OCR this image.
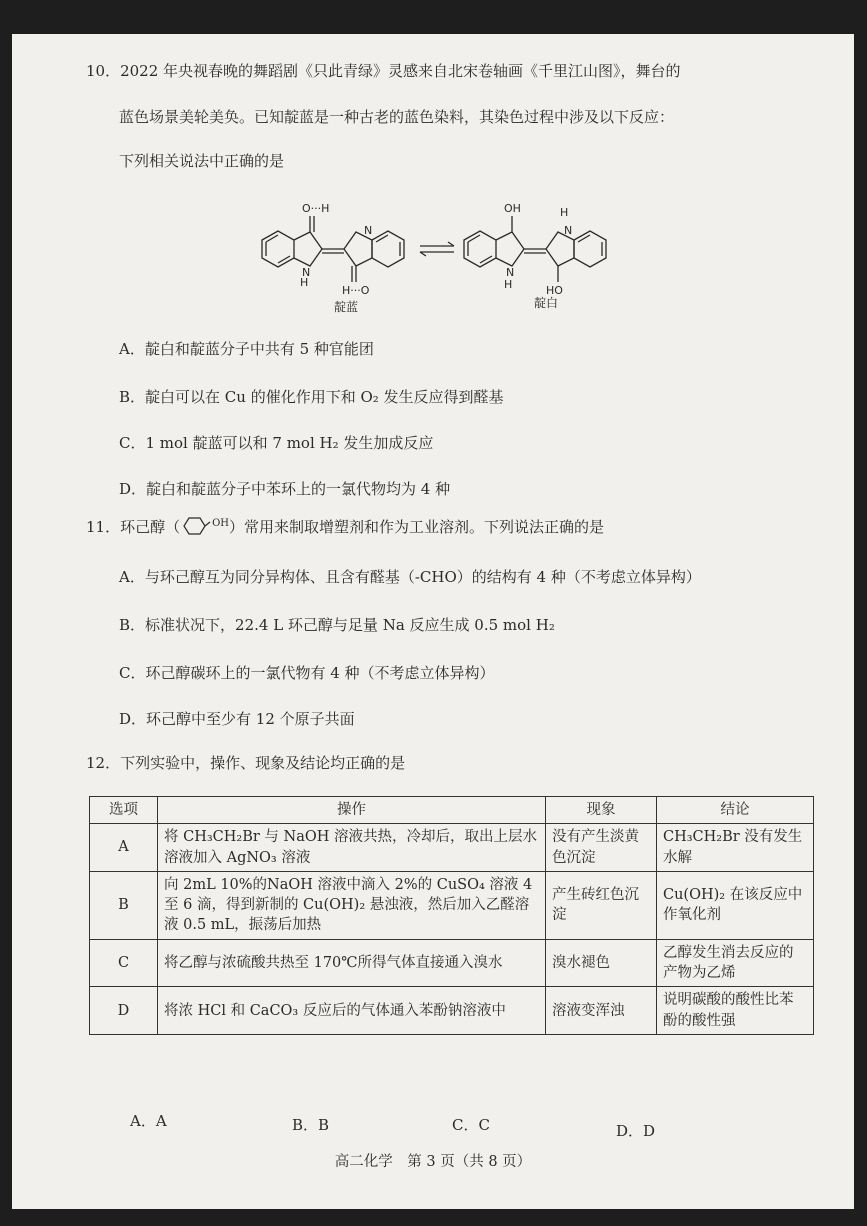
10．2022 年央视春晚的舞蹈剧《只此青绿》灵感来自北宋卷轴画《千里江山图》，舞台的
蓝色场景美轮美奂。已知靛蓝是一种古老的蓝色染料，其染色过程中涉及以下反应：
下列相关说法中正确的是
O···H
N
N
H
H···O
OH	H
N
N
H	HO
靛蓝	靛白
A．靛白和靛蓝分子中共有 5 种官能团
B．靛白可以在 Cu 的催化作用下和 O₂ 发生反应得到醛基
C．1 mol 靛蓝可以和 7 mol H₂ 发生加成反应
D．靛白和靛蓝分子中苯环上的一氯代物均为 4 种
11．环己醇（	$^{OH}$）常用来制取增塑剂和作为工业溶剂。下列说法正确的是
A．与环己醇互为同分异构体、且含有醛基（-CHO）的结构有 4 种（不考虑立体异构）
B．标准状况下，22.4 L 环己醇与足量 Na 反应生成 0.5 mol H₂
C．环己醇碳环上的一氯代物有 4 种（不考虑立体异构）
D．环己醇中至少有 12 个原子共面
12．下列实验中，操作、现象及结论均正确的是
选项	操作	现象	结论
A	将 CH₃CH₂Br 与 NaOH 溶液共热，冷却后，取出上层水溶液加入 AgNO₃ 溶液	没有产生淡黄色沉淀	CH₃CH₂Br 没有发生水解
B	向 2mL 10%的NaOH 溶液中滴入 2%的 CuSO₄ 溶液 4 至 6 滴，得到新制的 Cu(OH)₂ 悬浊液，然后加入乙醛溶液 0.5 mL，振荡后加热	产生砖红色沉淀	Cu(OH)₂ 在该反应中作氧化剂
C	将乙醇与浓硫酸共热至 170℃所得气体直接通入溴水	溴水褪色	乙醇发生消去反应的产物为乙烯
D	将浓 HCl 和 CaCO₃ 反应后的气体通入苯酚钠溶液中	溶液变浑浊	说明碳酸的酸性比苯酚的酸性强
A．A	B．B	C．C	D．D
高二化学　第 3 页（共 8 页）
